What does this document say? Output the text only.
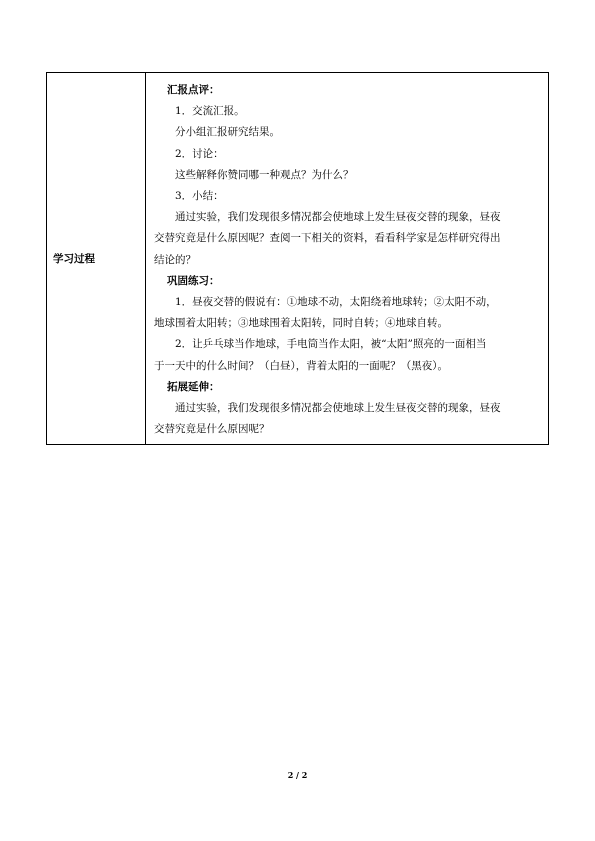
学习过程	
汇报点评：
1．交流汇报。
分小组汇报研究结果。
2．讨论：
这些解释你赞同哪一种观点？为什么？
3．小结：
通过实验，我们发现很多情况都会使地球上发生昼夜交替的现象，昼夜
交替究竟是什么原因呢？查阅一下相关的资料，看看科学家是怎样研究得出
结论的？
巩固练习：
1．昼夜交替的假说有：①地球不动，太阳绕着地球转；②太阳不动，
地球围着太阳转；③地球围着太阳转，同时自转；④地球自转。
2．让乒乓球当作地球，手电筒当作太阳，被“太阳”照亮的一面相当
于一天中的什么时间？（白昼），背着太阳的一面呢？（黑夜）。
拓展延伸：
通过实验，我们发现很多情况都会使地球上发生昼夜交替的现象，昼夜
交替究竟是什么原因呢？
2 / 2
